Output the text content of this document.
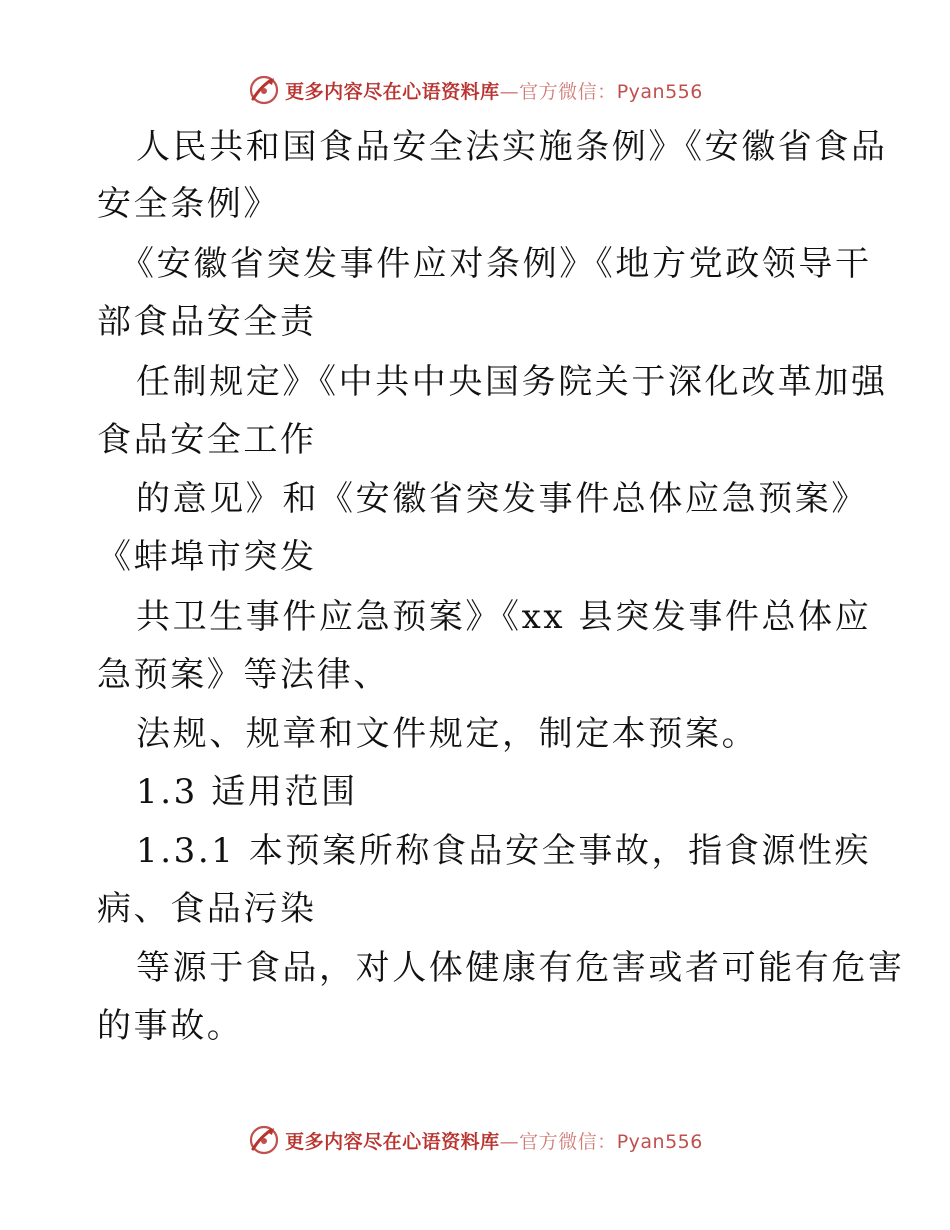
更多内容尽在心语资料库—官方微信：Pyan556
人民共和国食品安全法实施条例》《安徽省食品
安全条例》
《安徽省突发事件应对条例》《地方党政领导干
部食品安全责
任制规定》《中共中央国务院关于深化改革加强
食品安全工作
的意见》和《安徽省突发事件总体应急预案》
《蚌埠市突发
共卫生事件应急预案》《xx 县突发事件总体应
急预案》等法律、
法规、规章和文件规定，制定本预案。
1.3 适用范围
1.3.1 本预案所称食品安全事故，指食源性疾
病、食品污染
等源于食品，对人体健康有危害或者可能有危害
的事故。
更多内容尽在心语资料库—官方微信：Pyan556
